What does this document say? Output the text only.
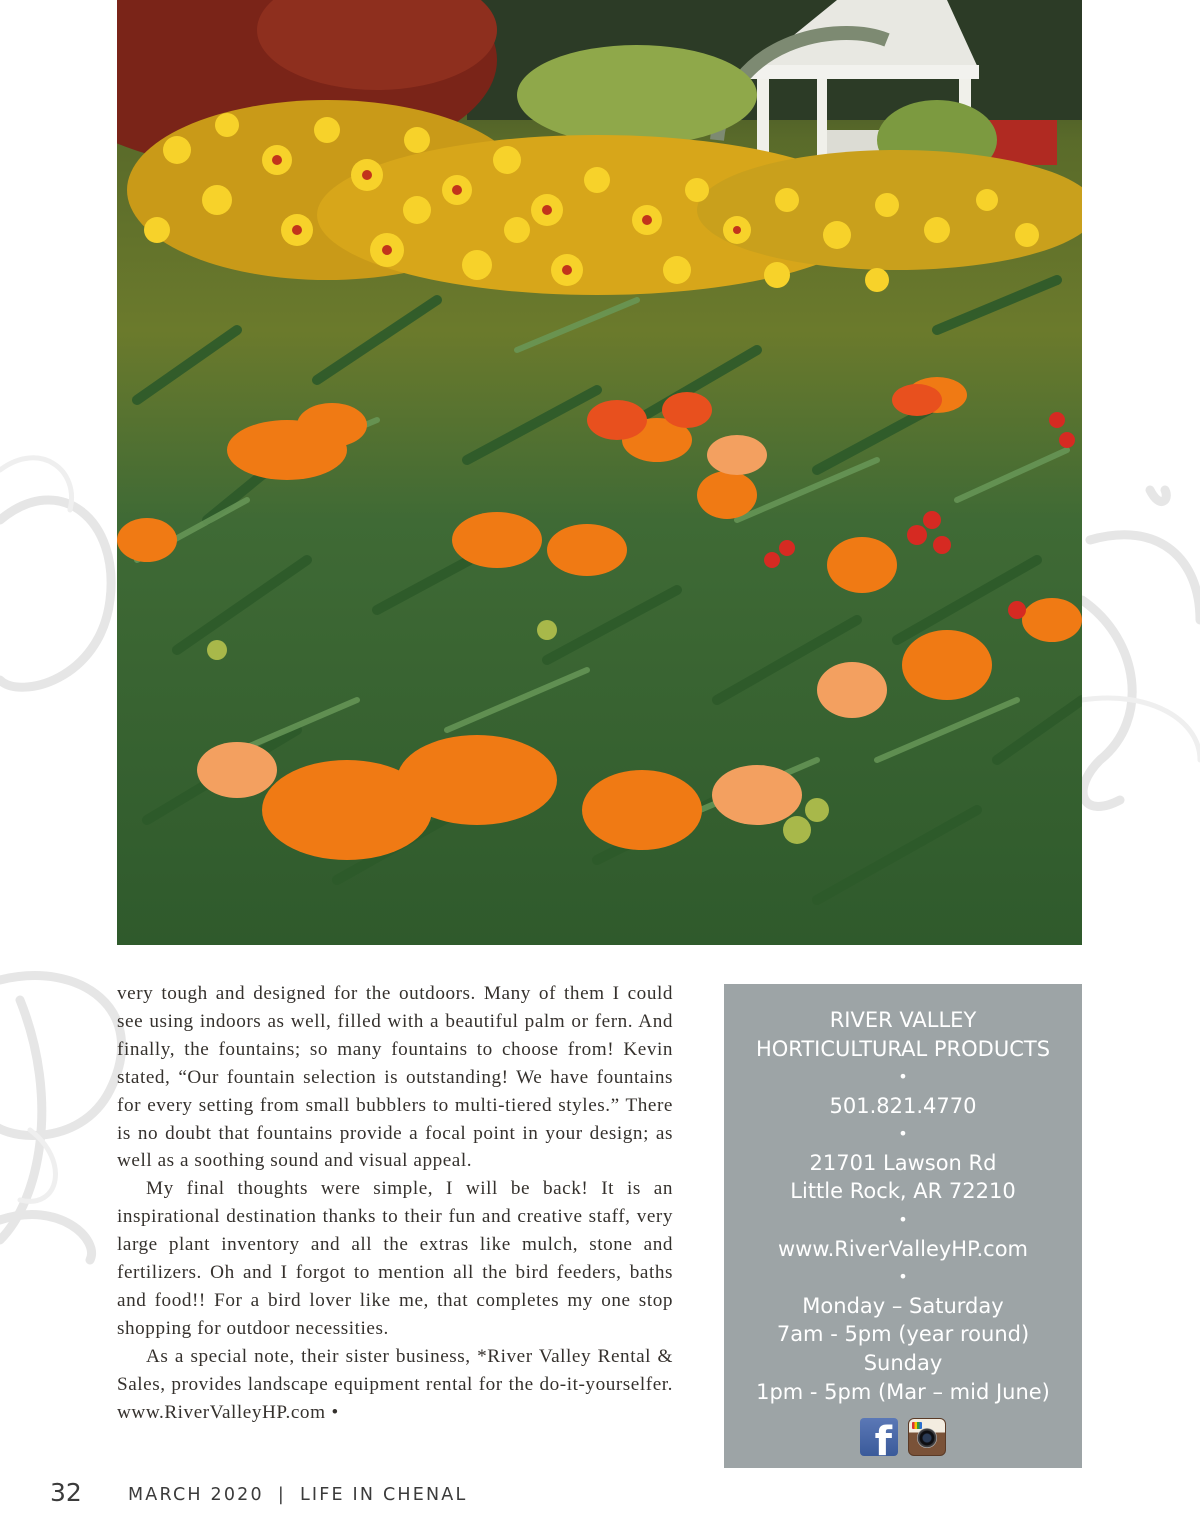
very tough and designed for the outdoors. Many of them I could see using indoors as well, filled with a beautiful palm or fern. And finally, the fountains; so many fountains to choose from! Kevin stated, “Our fountain selection is outstanding! We have fountains for every setting from small bubblers to multi-tiered styles.” There is no doubt that fountains provide a focal point in your design; as well as a soothing sound and visual appeal.

My final thoughts were simple, I will be back! It is an inspirational destination thanks to their fun and creative staff, very large plant inventory and all the extras like mulch, stone and fertilizers. Oh and I forgot to mention all the bird feeders, baths and food!! For a bird lover like me, that completes my one stop shopping for outdoor necessities.

As a special note, their sister business, *River Valley Rental & Sales, provides landscape equipment rental for the do-it-yourselfer. www.RiverValleyHP.com •

RIVER VALLEY
HORTICULTURAL PRODUCTS
•
501.821.4770
•
21701 Lawson Rd
Little Rock, AR 72210
•
www.RiverValleyHP.com
•
Monday – Saturday
7am - 5pm (year round)
Sunday
1pm - 5pm (Mar – mid June)
f
32	MARCH 2020 | LIFE IN CHENAL
